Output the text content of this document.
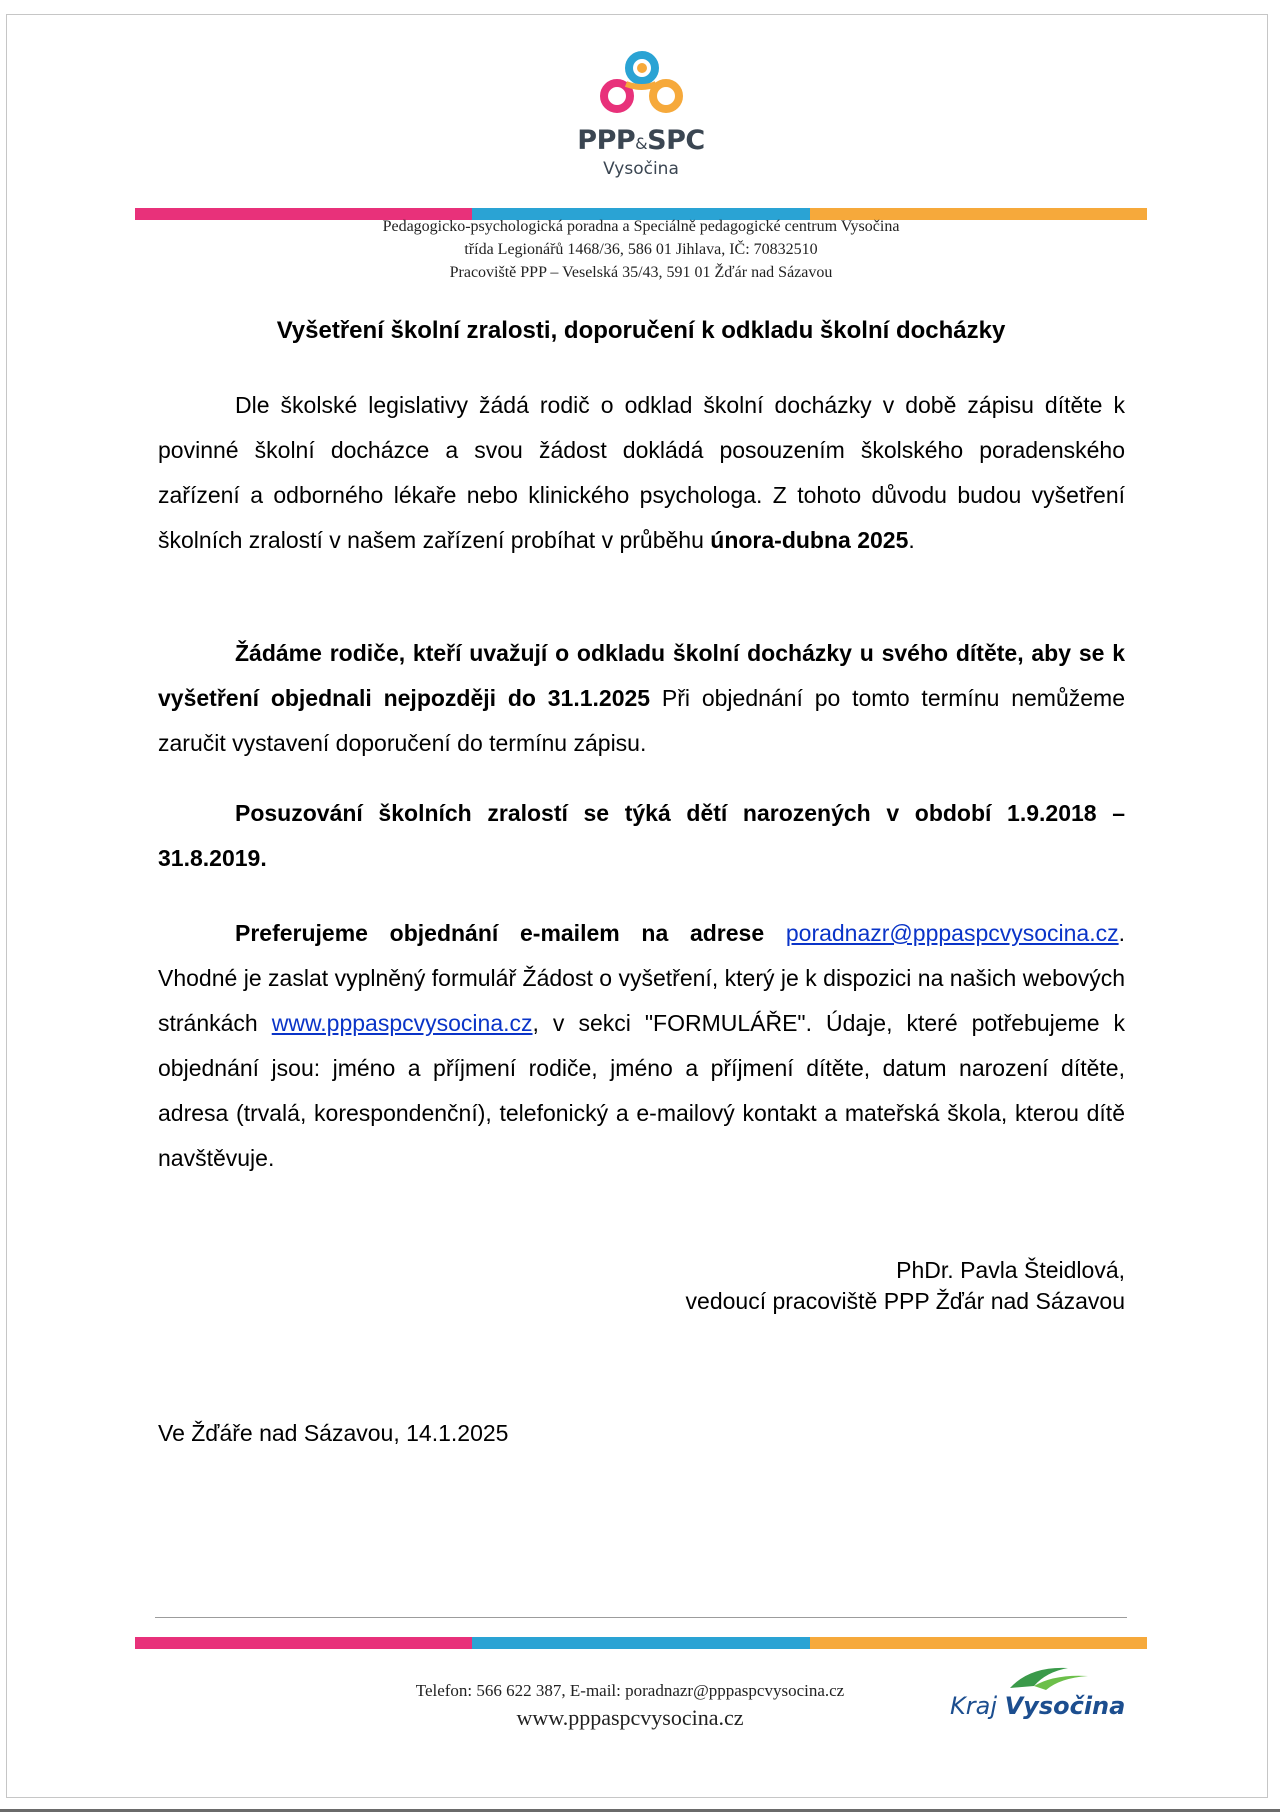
PPP&SPC
Vysočina
Pedagogicko-psychologická poradna a Speciálně pedagogické centrum Vysočina
třída Legionářů 1468/36, 586 01 Jihlava, IČ: 70832510
Pracoviště PPP – Veselská 35/43, 591 01 Žďár nad Sázavou
Vyšetření školní zralosti, doporučení k odkladu školní docházky

Dle školské legislativy žádá rodič o odklad školní docházky v době zápisu dítěte k povinné školní docházce a svou žádost dokládá posouzením školského poradenského zařízení a odborného lékaře nebo klinického psychologa. Z tohoto důvodu budou vyšetření školních zralostí v našem zařízení probíhat v průběhu února-dubna 2025.

Žádáme rodiče, kteří uvažují o odkladu školní docházky u svého dítěte, aby se k vyšetření objednali nejpozději do 31.1.2025 Při objednání po tomto termínu nemůžeme zaručit vystavení doporučení do termínu zápisu.

Posuzování školních zralostí se týká dětí narozených v období 1.9.2018 – 31.8.2019.

Preferujeme objednání e-mailem na adrese poradnazr@pppaspcvysocina.cz. Vhodné je zaslat vyplněný formulář Žádost o vyšetření, který je k dispozici na našich webových stránkách www.pppaspcvysocina.cz, v sekci "FORMULÁŘE". Údaje, které potřebujeme k objednání jsou: jméno a příjmení rodiče, jméno a příjmení dítěte, datum narození dítěte, adresa (trvalá, korespondenční), telefonický a e-mailový kontakt a mateřská škola, kterou dítě navštěvuje.

PhDr. Pavla Šteidlová,
vedoucí pracoviště PPP Žďár nad Sázavou
Ve Žďáře nad Sázavou, 14.1.2025
Telefon: 566 622 387, E-mail: poradnazr@pppaspcvysocina.cz
www.pppaspcvysocina.cz	Kraj Vysočina
